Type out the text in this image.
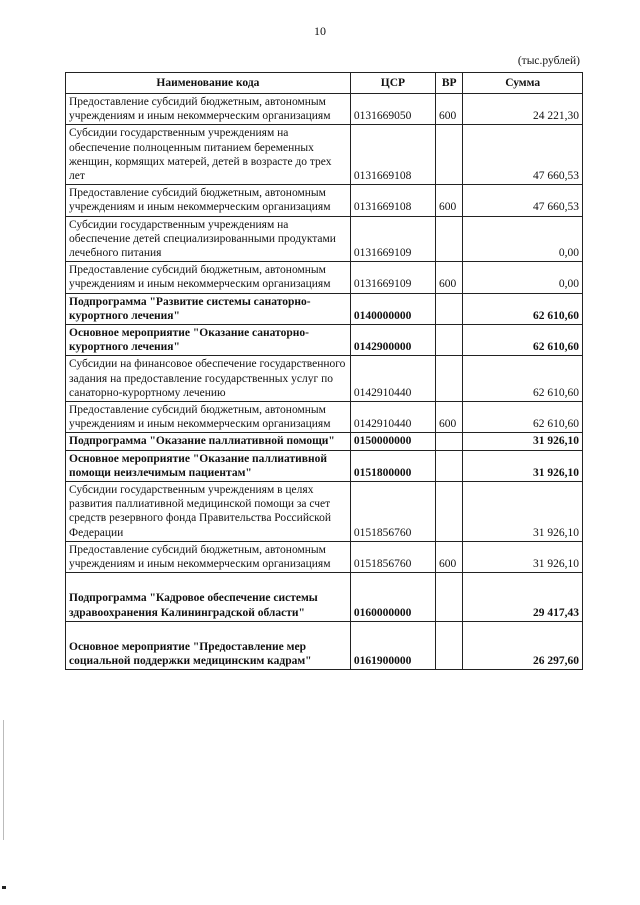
10
(тыс.рублей)
Наименование кода	ЦСР	ВР	Сумма
Предоставление субсидий бюджетным, автономным учреждениям и иным некоммерческим организациям	0131669050	600	24 221,30
Субсидии государственным учреждениям на обеспечение полноценным питанием беременных женщин, кормящих матерей, детей в возрасте до трех лет	0131669108		47 660,53
Предоставление субсидий бюджетным, автономным учреждениям и иным некоммерческим организациям	0131669108	600	47 660,53
Субсидии государственным учреждениям на обеспечение детей специализированными продуктами лечебного питания	0131669109		0,00
Предоставление субсидий бюджетным, автономным учреждениям и иным некоммерческим организациям	0131669109	600	0,00
Подпрограмма "Развитие системы санаторно-курортного лечения"	0140000000		62 610,60
Основное мероприятие "Оказание санаторно-курортного лечения"	0142900000		62 610,60
Субсидии на финансовое обеспечение государственного задания на предоставление государственных услуг по санаторно-курортному лечению	0142910440		62 610,60
Предоставление субсидий бюджетным, автономным учреждениям и иным некоммерческим организациям	0142910440	600	62 610,60
Подпрограмма "Оказание паллиативной помощи"	0150000000		31 926,10
Основное мероприятие "Оказание паллиативной помощи неизлечимым пациентам"	0151800000		31 926,10
Субсидии государственным учреждениям в целях развития паллиативной медицинской помощи за счет средств резервного фонда Правительства Российской Федерации	0151856760		31 926,10
Предоставление субсидий бюджетным, автономным учреждениям и иным некоммерческим организациям	0151856760	600	31 926,10
Подпрограмма "Кадровое обеспечение системы здравоохранения Калининградской области"	0160000000		29 417,43
Основное мероприятие "Предоставление мер социальной поддержки медицинским кадрам"	0161900000		26 297,60
